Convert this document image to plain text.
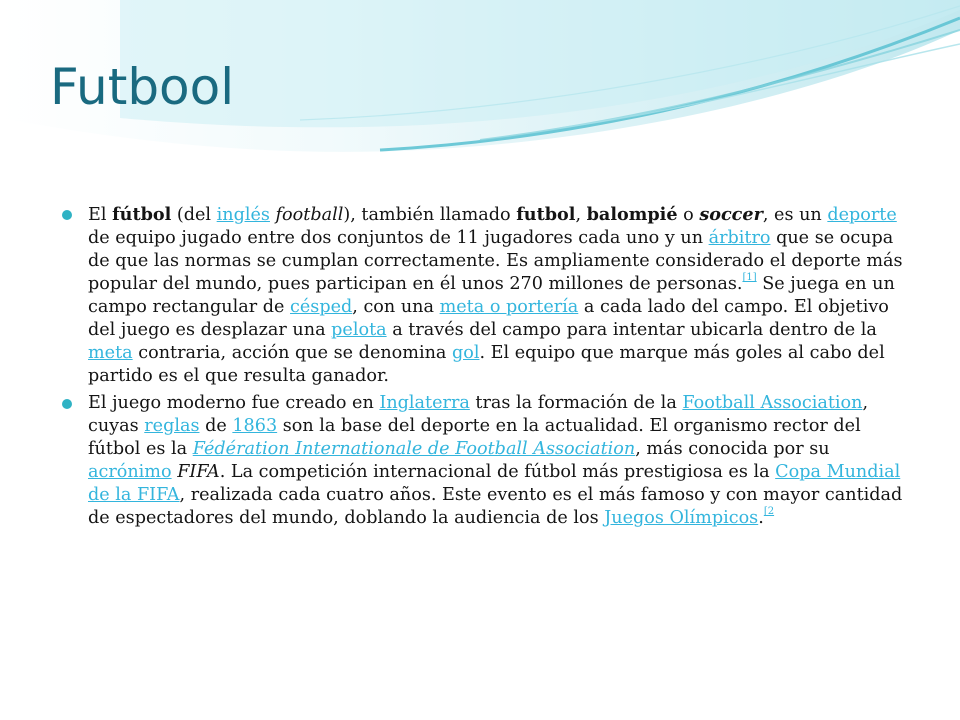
Futbool
El fútbol (del inglés football), también llamado futbol, balompié o soccer, es un deporte de equipo jugado entre dos conjuntos de 11 jugadores cada uno y un árbitro que se ocupa de que las normas se cumplan correctamente. Es ampliamente considerado el deporte más popular del mundo, pues participan en él unos 270 millones de personas.[1] Se juega en un campo rectangular de césped, con una meta o portería a cada lado del campo. El objetivo del juego es desplazar una pelota a través del campo para intentar ubicarla dentro de la meta contraria, acción que se denomina gol. El equipo que marque más goles al cabo del partido es el que resulta ganador.
El juego moderno fue creado en Inglaterra tras la formación de la Football Association, cuyas reglas de 1863 son la base del deporte en la actualidad. El organismo rector del fútbol es la Fédération Internationale de Football Association, más conocida por su acrónimo FIFA. La competición internacional de fútbol más prestigiosa es la Copa Mundial de la FIFA, realizada cada cuatro años. Este evento es el más famoso y con mayor cantidad de espectadores del mundo, doblando la audiencia de los Juegos Olímpicos.$^{[2}$
